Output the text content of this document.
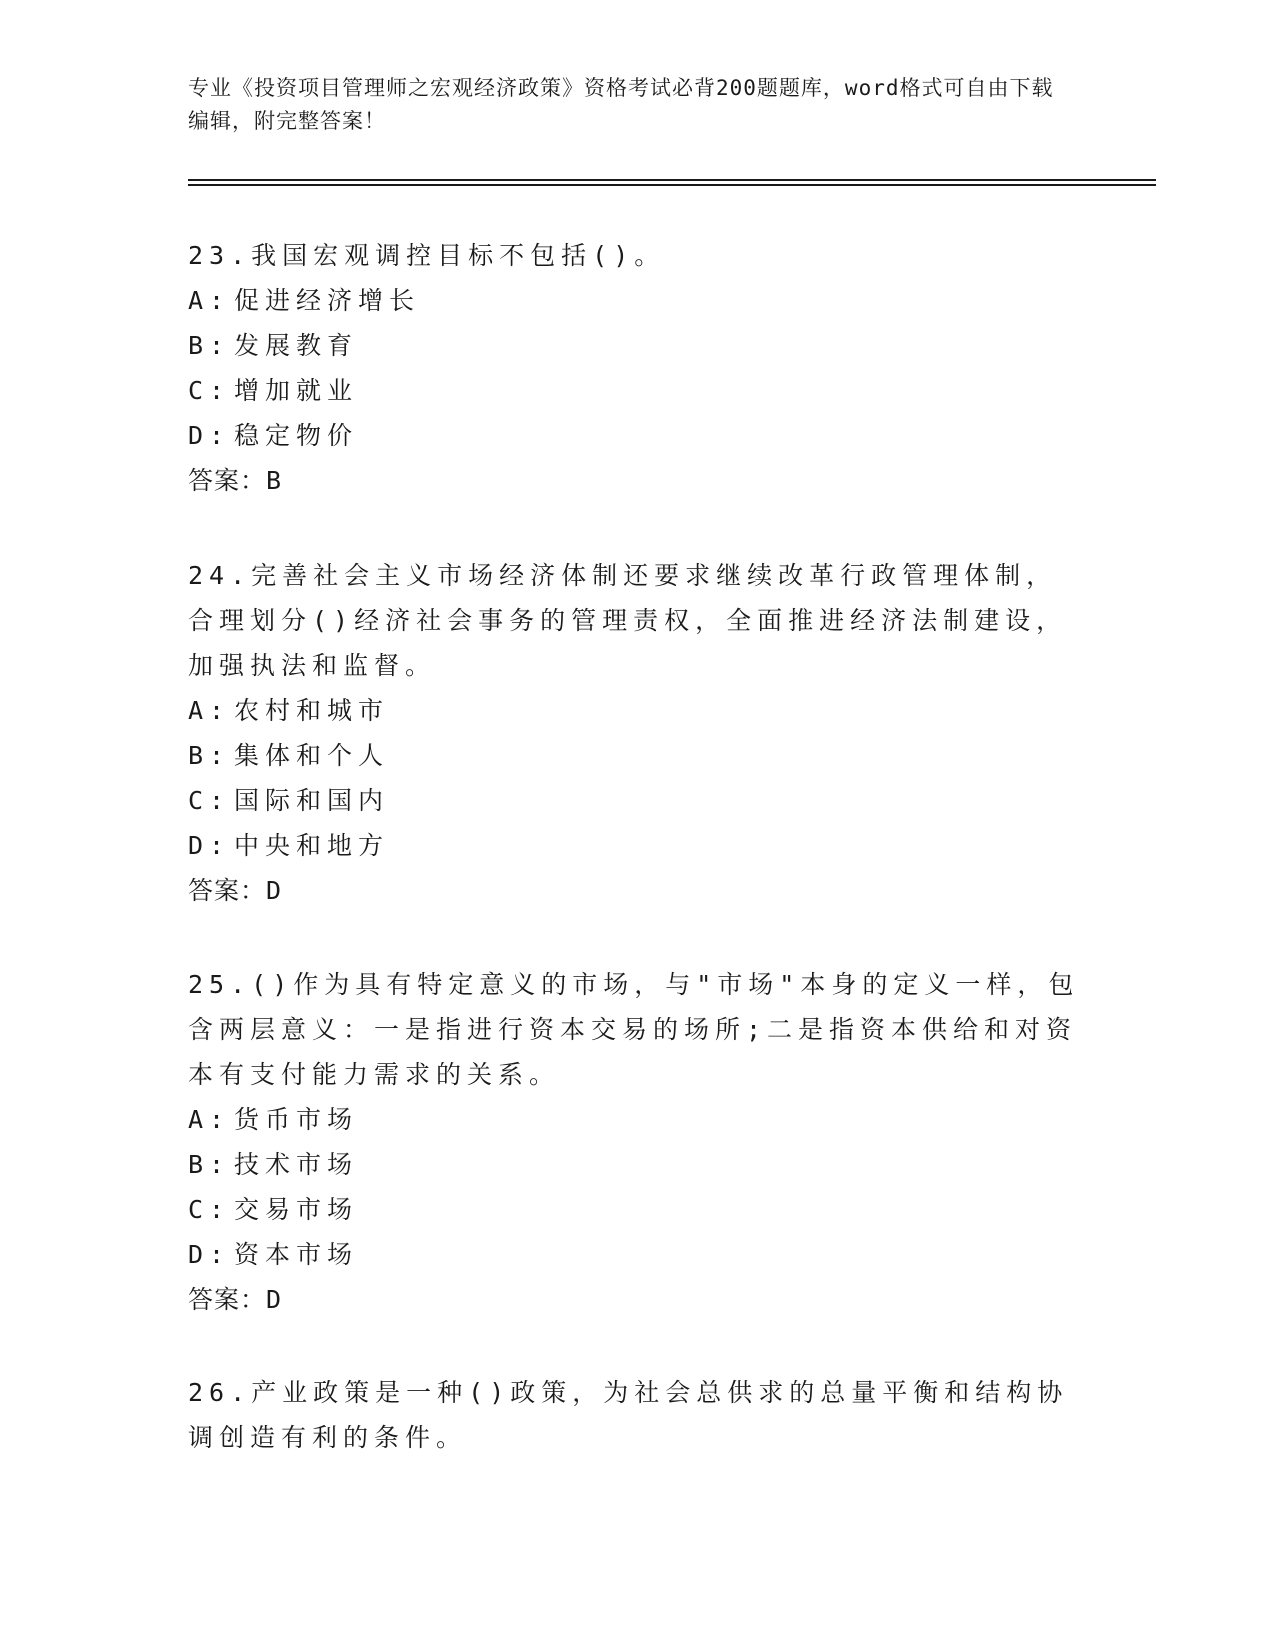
专业《投资项目管理师之宏观经济政策》资格考试必背200题题库，word格式可自由下载编辑，附完整答案！

23.我国宏观调控目标不包括()。

A: 促进经济增长

B: 发展教育

C: 增加就业

D: 稳定物价

答案：B

24.完善社会主义市场经济体制还要求继续改革行政管理体制，合理划分()经济社会事务的管理责权，全面推进经济法制建设，加强执法和监督。

A: 农村和城市

B: 集体和个人

C: 国际和国内

D: 中央和地方

答案：D

25.()作为具有特定意义的市场，与"市场"本身的定义一样，包含两层意义：一是指进行资本交易的场所;二是指资本供给和对资本有支付能力需求的关系。

A: 货币市场

B: 技术市场

C: 交易市场

D: 资本市场

答案：D

26.产业政策是一种()政策，为社会总供求的总量平衡和结构协调创造有利的条件。
